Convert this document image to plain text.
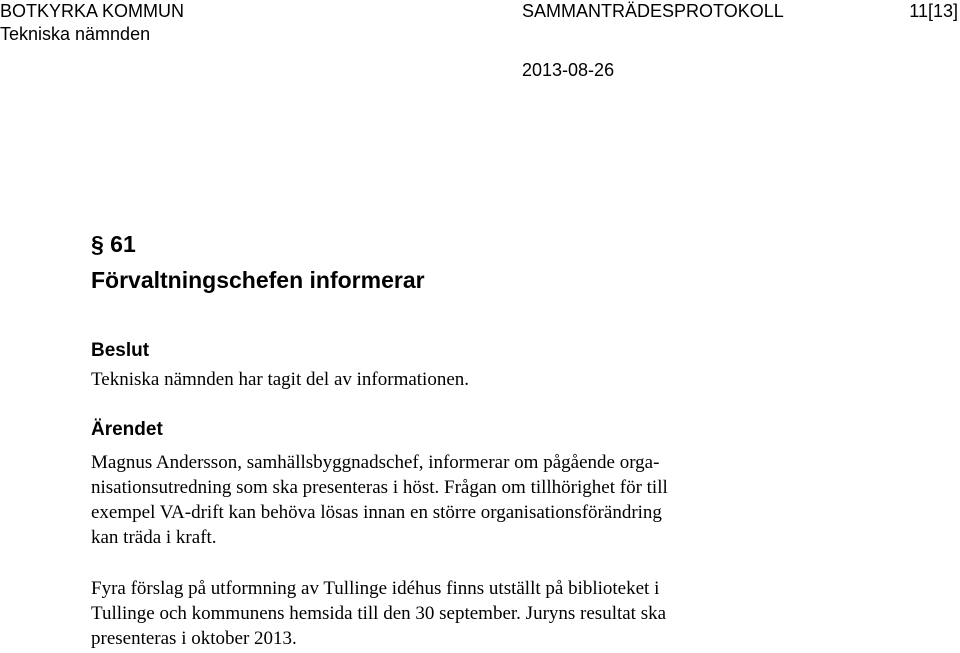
BOTKYRKA KOMMUN
Tekniska nämnden
SAMMANTRÄDESPROTOKOLL	11[13]
2013-08-26
§ 61
Förvaltningschefen informerar
Beslut
Tekniska nämnden har tagit del av informationen.
Ärendet
Magnus Andersson, samhällsbyggnadschef, informerar om pågående orga-
nisationsutredning som ska presenteras i höst. Frågan om tillhörighet för till
exempel VA-drift kan behöva lösas innan en större organisationsförändring
kan träda i kraft.
Fyra förslag på utformning av Tullinge idéhus finns utställt på biblioteket i
Tullinge och kommunens hemsida till den 30 september. Juryns resultat ska
presenteras i oktober 2013.
